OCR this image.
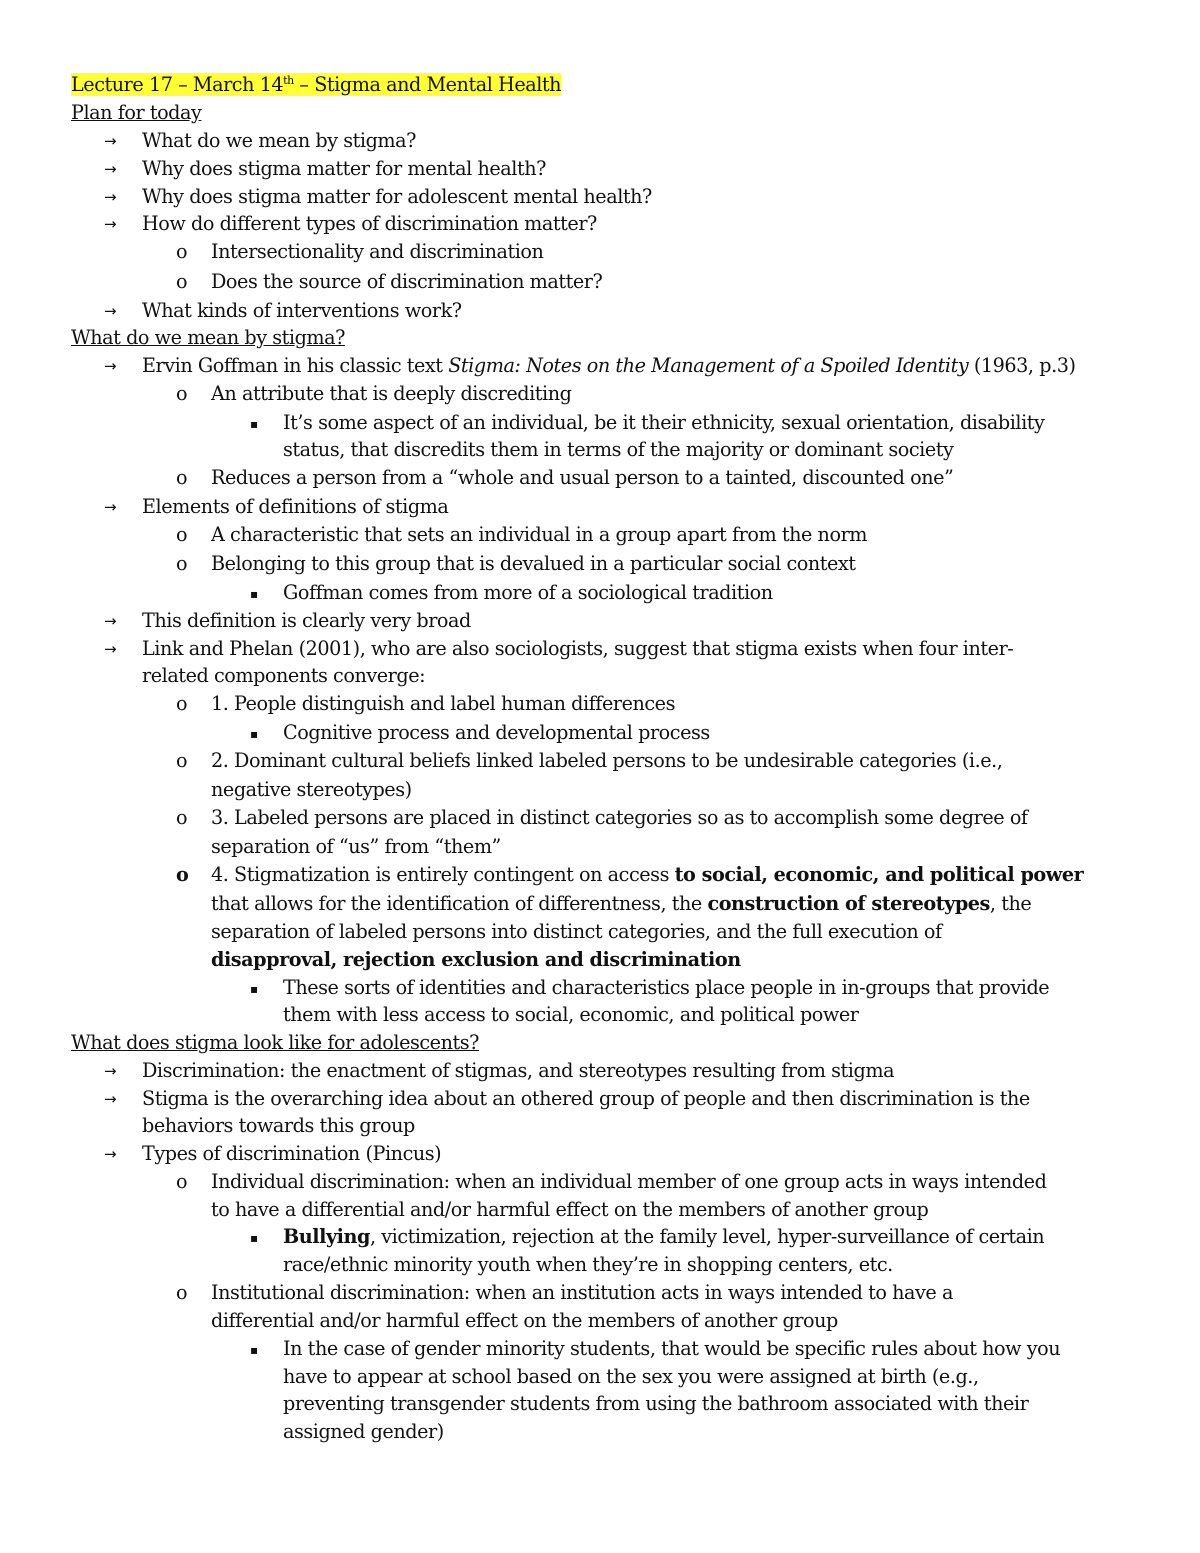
Lecture 17 – March 14th – Stigma and Mental Health
Plan for today
→	What do we mean by stigma?
→	Why does stigma matter for mental health?
→	Why does stigma matter for adolescent mental health?
→	How do different types of discrimination matter?
o	Intersectionality and discrimination
o	Does the source of discrimination matter?
→	What kinds of interventions work?
What do we mean by stigma?
→	Ervin Goffman in his classic text Stigma: Notes on the Management of a Spoiled Identity (1963, p.3)
o	An attribute that is deeply discrediting
▪	It’s some aspect of an individual, be it their ethnicity, sexual orientation, disability
status, that discredits them in terms of the majority or dominant society
o	Reduces a person from a “whole and usual person to a tainted, discounted one”
→	Elements of definitions of stigma
o	A characteristic that sets an individual in a group apart from the norm
o	Belonging to this group that is devalued in a particular social context
▪	Goffman comes from more of a sociological tradition
→	This definition is clearly very broad
→	Link and Phelan (2001), who are also sociologists, suggest that stigma exists when four inter-
related components converge:
o	1. People distinguish and label human differences
▪	Cognitive process and developmental process
o	2. Dominant cultural beliefs linked labeled persons to be undesirable categories (i.e.,
negative stereotypes)
o	3. Labeled persons are placed in distinct categories so as to accomplish some degree of
separation of “us” from “them”
o	4. Stigmatization is entirely contingent on access to social, economic, and political power
that allows for the identification of differentness, the construction of stereotypes, the
separation of labeled persons into distinct categories, and the full execution of
disapproval, rejection exclusion and discrimination
▪	These sorts of identities and characteristics place people in in-groups that provide
them with less access to social, economic, and political power
What does stigma look like for adolescents?
→	Discrimination: the enactment of stigmas, and stereotypes resulting from stigma
→	Stigma is the overarching idea about an othered group of people and then discrimination is the
behaviors towards this group
→	Types of discrimination (Pincus)
o	Individual discrimination: when an individual member of one group acts in ways intended
to have a differential and/or harmful effect on the members of another group
▪	Bullying, victimization, rejection at the family level, hyper-surveillance of certain
race/ethnic minority youth when they’re in shopping centers, etc.
o	Institutional discrimination: when an institution acts in ways intended to have a
differential and/or harmful effect on the members of another group
▪	In the case of gender minority students, that would be specific rules about how you
have to appear at school based on the sex you were assigned at birth (e.g.,
preventing transgender students from using the bathroom associated with their
assigned gender)
